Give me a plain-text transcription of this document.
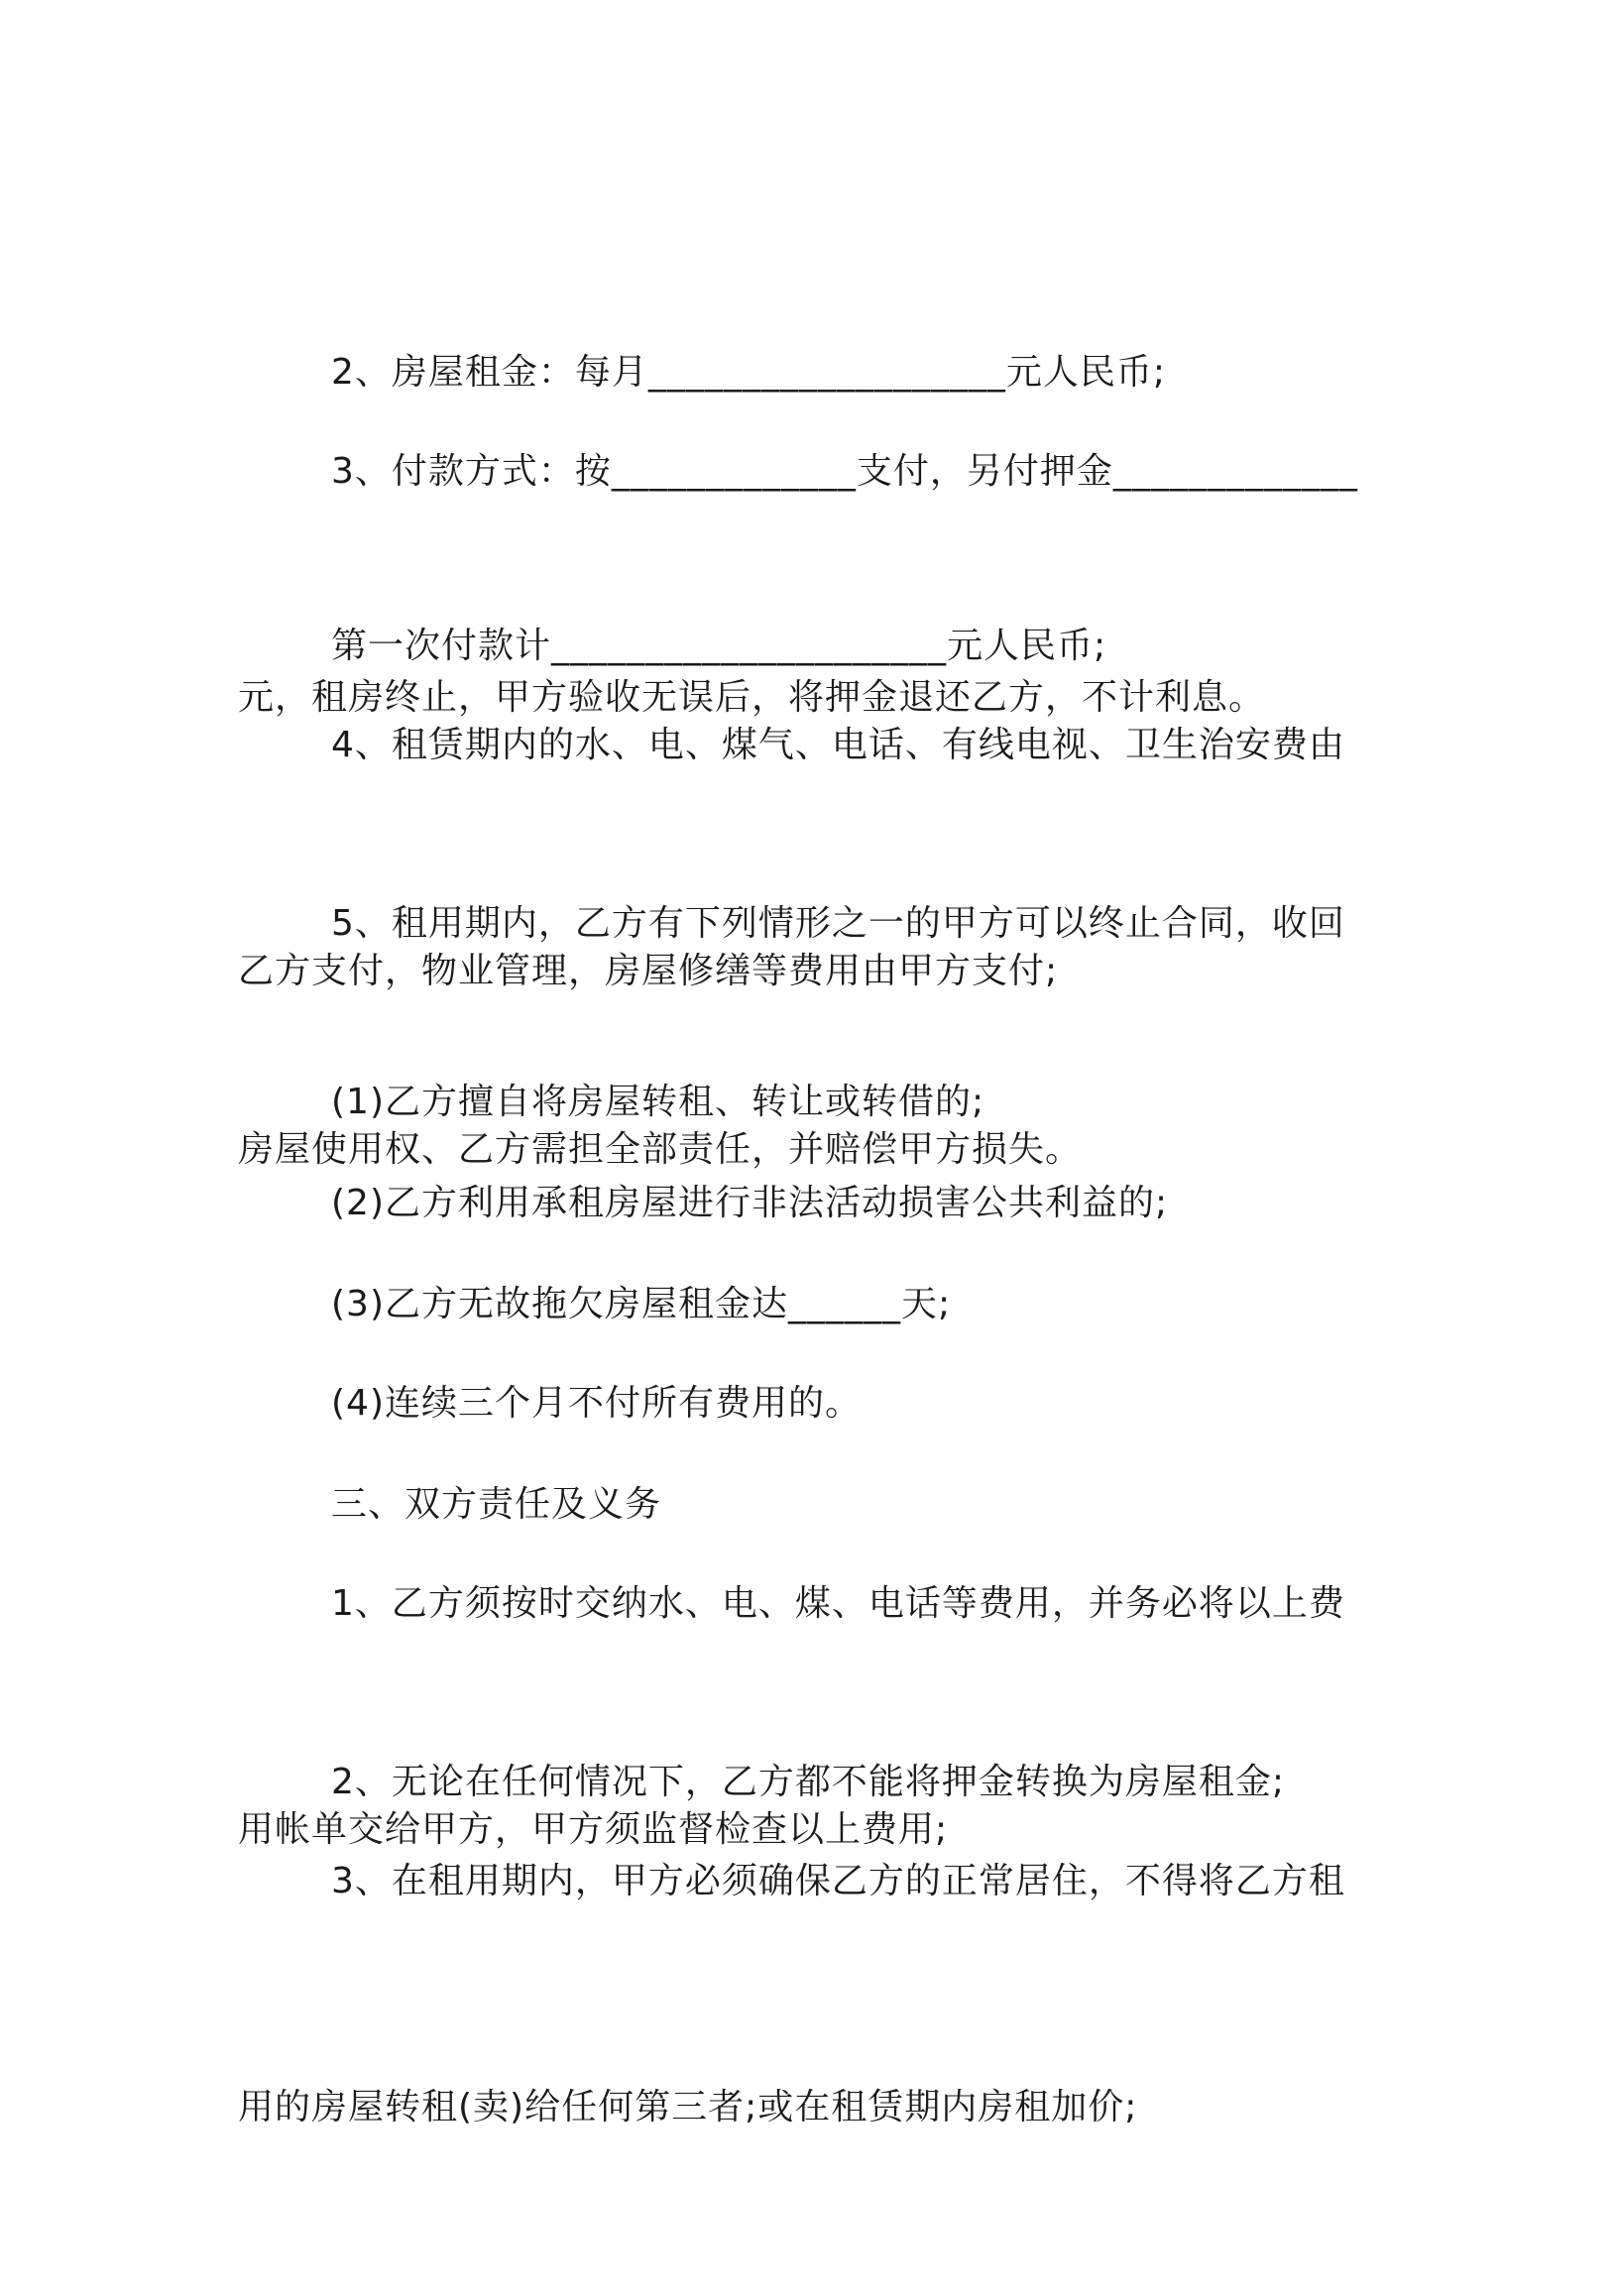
2、房屋租金：每月___________________元人民币;

3、付款方式：按_____________支付，另付押金_____________

元，租房终止，甲方验收无误后，将押金退还乙方，不计利息。

第一次付款计_____________________元人民币;

4、租赁期内的水、电、煤气、电话、有线电视、卫生治安费由

乙方支付，物业管理，房屋修缮等费用由甲方支付;

5、租用期内，乙方有下列情形之一的甲方可以终止合同，收回

房屋使用权、乙方需担全部责任，并赔偿甲方损失。

(1)乙方擅自将房屋转租、转让或转借的;

(2)乙方利用承租房屋进行非法活动损害公共利益的;

(3)乙方无故拖欠房屋租金达______天;

(4)连续三个月不付所有费用的。

三、双方责任及义务

1、乙方须按时交纳水、电、煤、电话等费用，并务必将以上费

用帐单交给甲方，甲方须监督检查以上费用;

2、无论在任何情况下，乙方都不能将押金转换为房屋租金;

3、在租用期内，甲方必须确保乙方的正常居住，不得将乙方租

用的房屋转租(卖)给任何第三者;或在租赁期内房租加价;
